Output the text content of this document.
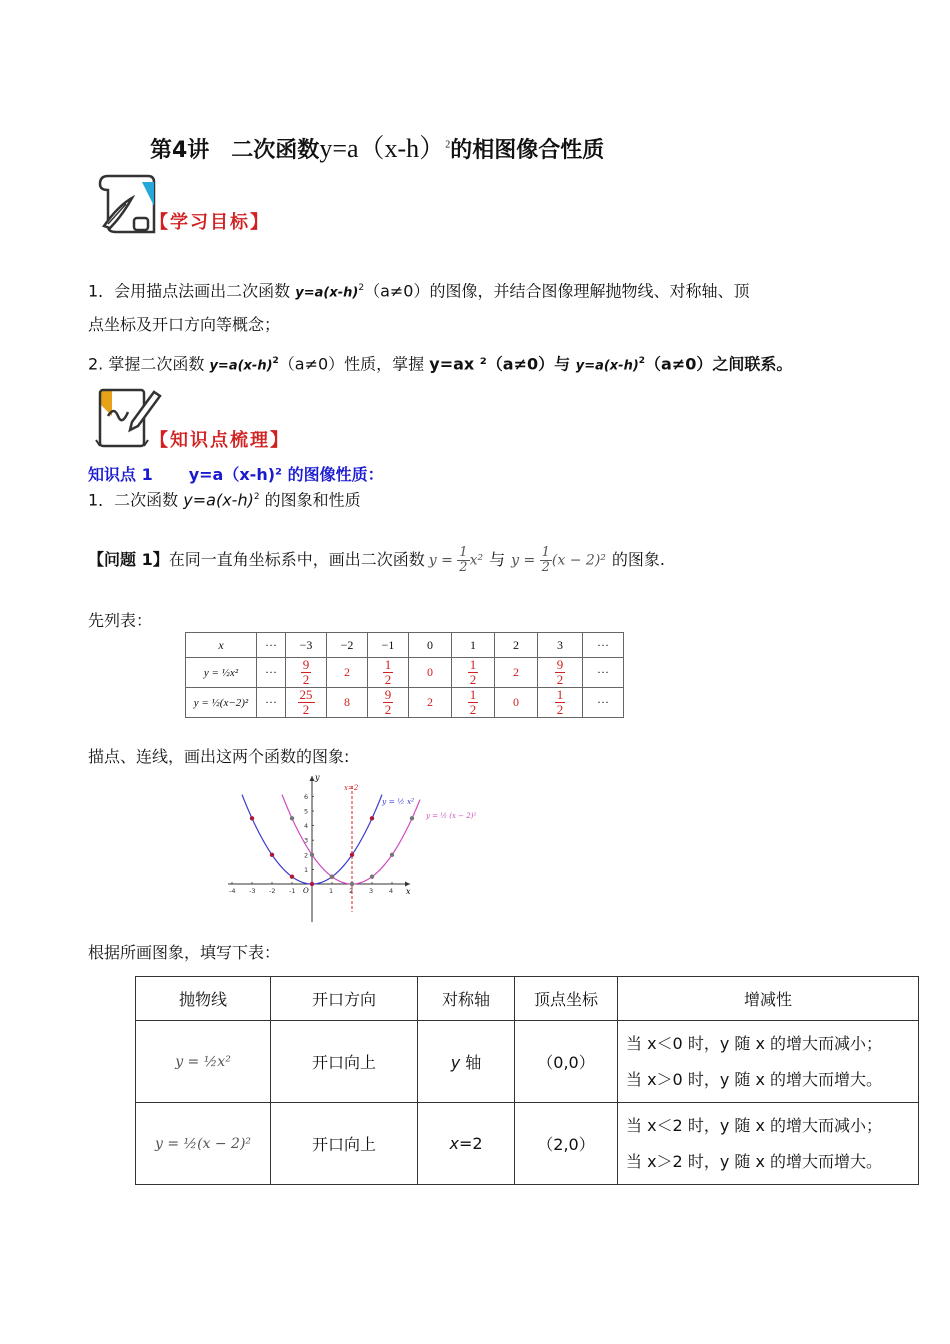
第4讲　二次函数$y=a(x-h)^2$的相图像合性质
【学习目标】
1．会用描点法画出二次函数 $y=a(x-h)^2(a\ne 0)$的图像，并结合图像理解抛物线、对称轴、顶
点坐标及开口方向等概念；
2. 掌握二次函数 $y=a(x-h)^2(a\ne 0)$性质，掌握 y=ax ²（a≠0）与 $y=a(x-h)^2(a\ne 0)$之间联系。
【知识点梳理】
知识点 1 y=a（x-h)² 的图像性质：
1．二次函数 $y=a(x-h)^2$ 的图象和性质
【问题 1】 在同一直角坐标系中，画出二次函数 $y = \frac{1}{2} x^2$ 与 $y = \frac{1}{2} (x - 2)^2$ 的图象.
先列表：
x	···	−3	−2	−1	0	1	2	3	···
y = ½x²	···	$\frac{9}{2}$	2	$\frac{1}{2}$	0	$\frac{1}{2}$	2	$\frac{9}{2}$	···
y = ½(x−2)²	···	$\frac{25}{2}$	8	$\frac{9}{2}$	2	$\frac{1}{2}$	0	$\frac{1}{2}$	···
描点、连线，画出这两个函数的图象:
x
y
O
-4 -3 -2 -1	1 2 3 4
1
2
3
4
5
6
x=2
y = ½ x²
y = ½ (x − 2)²
根据所画图象，填写下表：
抛物线	开口方向	对称轴	顶点坐标	增减性
y = ½x²	开口向上	y 轴	（0,0）	当 x＜0 时，y 随 x 的增大而减小；
当 x＞0 时，y 随 x 的增大而增大。

y = ½(x − 2)²	开口向上	x=2	（2,0）	当 x＜2 时，y 随 x 的增大而减小；
当 x＞2 时，y 随 x 的增大而增大。
